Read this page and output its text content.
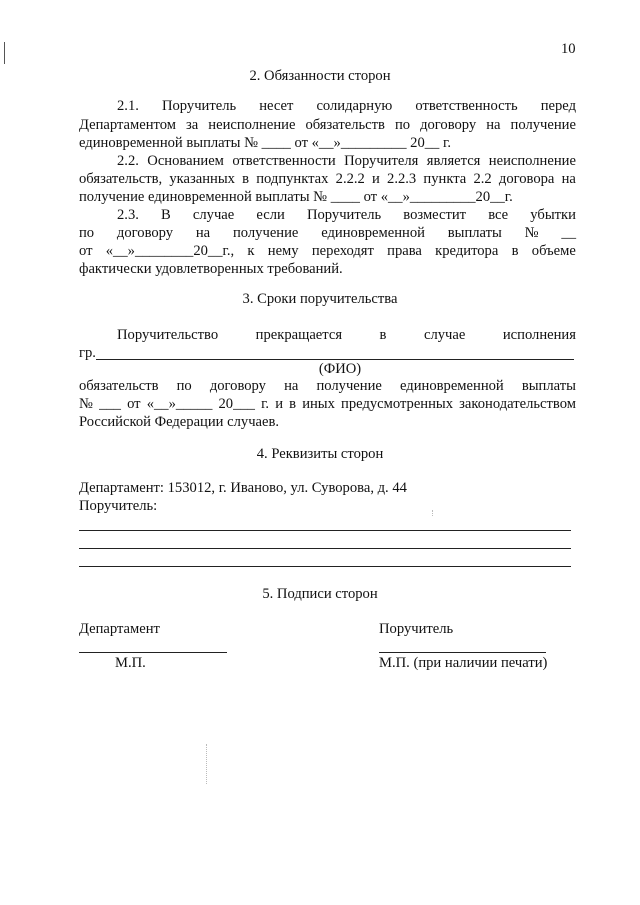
10
2. Обязанности сторон
2.1. Поручитель несет солидарную ответственность перед
Департаментом за неисполнение обязательств по договору на получение
единовременной выплаты № ____ от «__»_________ 20__ г.
2.2. Основанием ответственности Поручителя является неисполнение
обязательств, указанных в подпунктах 2.2.2 и 2.2.3 пункта 2.2 договора на
получение единовременной выплаты № ____ от «__»_________20__г.
2.3. В случае если Поручитель возместит все убытки
по договору на получение единовременной выплаты № __
от «__»________20__г., к нему переходят права кредитора в объеме
фактически удовлетворенных требований.
3. Сроки поручительства
Поручительство	прекращается	в	случае	исполнения
гр.
(ФИО)
обязательств по договору на получение единовременной выплаты
№ ___ от «__»_____ 20___ г. и в иных предусмотренных законодательством
Российской Федерации случаев.
4. Реквизиты сторон
Департамент: 153012, г. Иваново, ул. Суворова, д. 44
Поручитель:
5. Подписи сторон
Департамент	Поручитель
М.П.	М.П. (при наличии печати)
